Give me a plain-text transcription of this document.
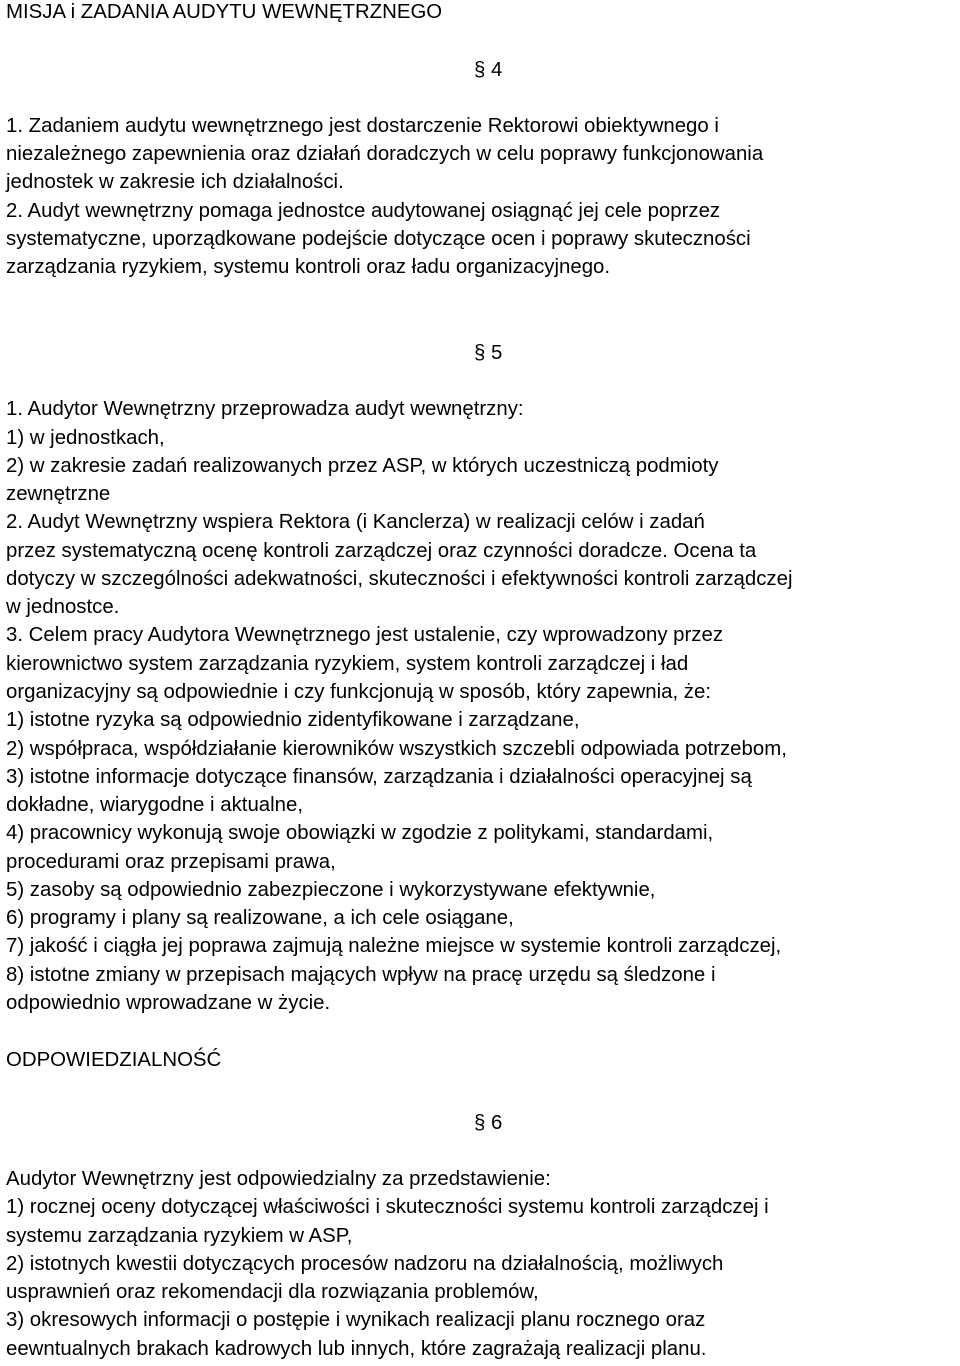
MISJA i ZADANIA AUDYTU WEWNĘTRZNEGO
§ 4
1. Zadaniem audytu wewnętrznego jest dostarczenie Rektorowi obiektywnego i
niezależnego zapewnienia oraz działań doradczych w celu poprawy funkcjonowania
jednostek w zakresie ich działalności.
2. Audyt wewnętrzny pomaga jednostce audytowanej osiągnąć jej cele poprzez
systematyczne, uporządkowane podejście dotyczące ocen i poprawy skuteczności
zarządzania ryzykiem, systemu kontroli oraz ładu organizacyjnego.
§ 5
1. Audytor Wewnętrzny przeprowadza audyt wewnętrzny:
1) w jednostkach,
2) w zakresie zadań realizowanych przez ASP, w których uczestniczą podmioty
zewnętrzne
2. Audyt Wewnętrzny wspiera Rektora (i Kanclerza) w realizacji celów i zadań
przez systematyczną ocenę kontroli zarządczej oraz czynności doradcze. Ocena ta
dotyczy w szczególności adekwatności, skuteczności i efektywności kontroli zarządczej
w jednostce.
3. Celem pracy Audytora Wewnętrznego jest ustalenie, czy wprowadzony przez
kierownictwo system zarządzania ryzykiem, system kontroli zarządczej i ład
organizacyjny są odpowiednie i czy funkcjonują w sposób, który zapewnia, że:
1) istotne ryzyka są odpowiednio zidentyfikowane i zarządzane,
2) współpraca, współdziałanie kierowników wszystkich szczebli odpowiada potrzebom,
3) istotne informacje dotyczące finansów, zarządzania i działalności operacyjnej są
dokładne, wiarygodne i aktualne,
4) pracownicy wykonują swoje obowiązki w zgodzie z politykami, standardami,
procedurami oraz przepisami prawa,
5) zasoby są odpowiednio zabezpieczone i wykorzystywane efektywnie,
6) programy i plany są realizowane, a ich cele osiągane,
7) jakość i ciągła jej poprawa zajmują należne miejsce w systemie kontroli zarządczej,
8) istotne zmiany w przepisach mających wpływ na pracę urzędu są śledzone i
odpowiednio wprowadzane w życie.
ODPOWIEDZIALNOŚĆ
§ 6
Audytor Wewnętrzny jest odpowiedzialny za przedstawienie:
1) rocznej oceny dotyczącej właściwości i skuteczności systemu kontroli zarządczej i
systemu zarządzania ryzykiem w ASP,
2) istotnych kwestii dotyczących procesów nadzoru na działalnością, możliwych
usprawnień oraz rekomendacji dla rozwiązania problemów,
3) okresowych informacji o postępie i wynikach realizacji planu rocznego oraz
eewntualnych brakach kadrowych lub innych, które zagrażają realizacji planu.
